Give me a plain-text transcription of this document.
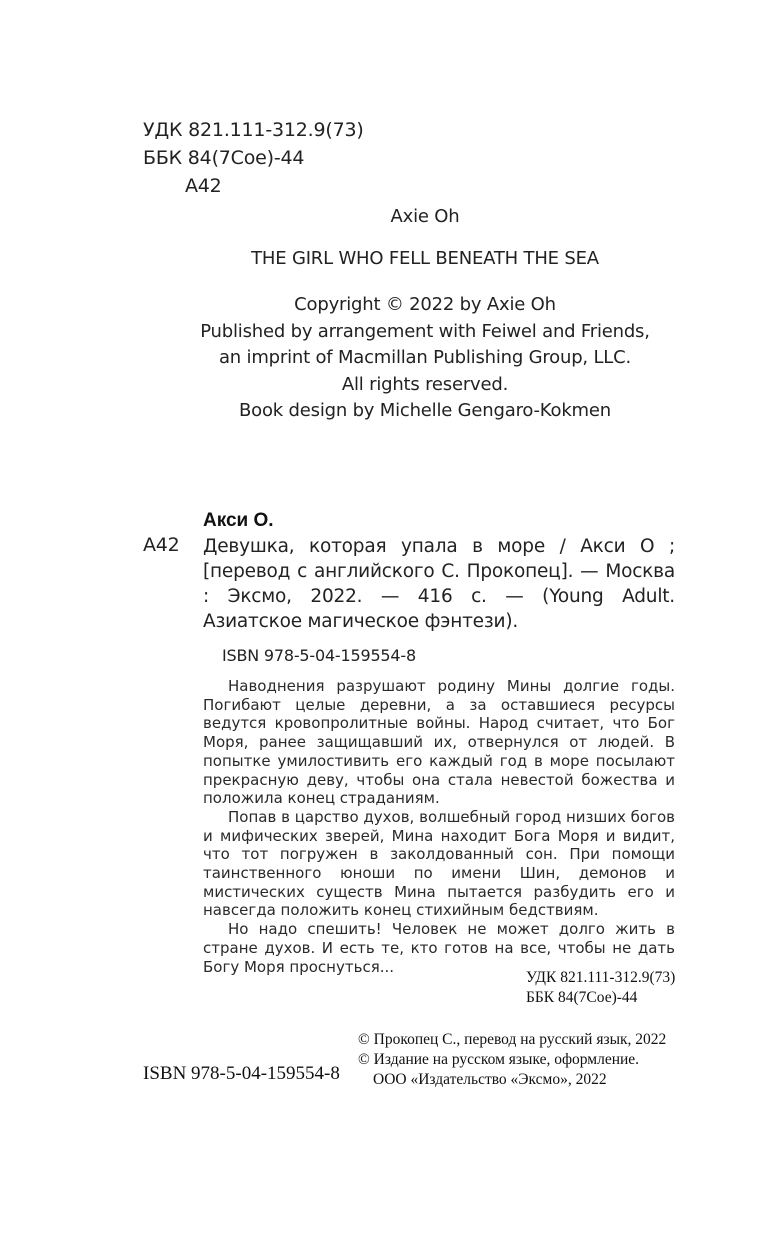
УДК 821.111-312.9(73)
ББК 84(7Сое)-44
А42
Axie Oh
THE GIRL WHO FELL BENEATH THE SEA
Copyright © 2022 by Axie Oh
Published by arrangement with Feiwel and Friends,
an imprint of Macmillan Publishing Group, LLC.
All rights reserved.
Book design by Michelle Gengaro-Kokmen
Акси О.
А42 Девушка, которая упала в море / Акси О ; [перевод с английского С. Прокопец]. — Москва : Эксмо, 2022. — 416 с. — (Young Adult. Азиатское магическое фэнтези).
ISBN 978-5-04-159554-8

Наводнения разрушают родину Мины долгие годы. Погибают целые деревни, а за оставшиеся ресурсы ведутся кровопролитные войны. Народ считает, что Бог Моря, ранее защищавший их, отвернулся от людей. В попытке умилостивить его каждый год в море посылают прекрасную деву, чтобы она стала невестой божества и положила конец страданиям.

Попав в царство духов, волшебный город низших богов и мифических зверей, Мина находит Бога Моря и видит, что тот погружен в заколдованный сон. При помощи таинственного юноши по имени Шин, демонов и мистических существ Мина пытается разбудить его и навсегда положить конец стихийным бедствиям.

Но надо спешить! Человек не может долго жить в стране духов. И есть те, кто готов на все, чтобы не дать Богу Моря проснуться...

УДК 821.111-312.9(73)
ББК 84(7Сое)-44
© Прокопец С., перевод на русский язык, 2022
© Издание на русском языке, оформление.
ООО «Издательство «Эксмо», 2022
ISBN 978-5-04-159554-8
